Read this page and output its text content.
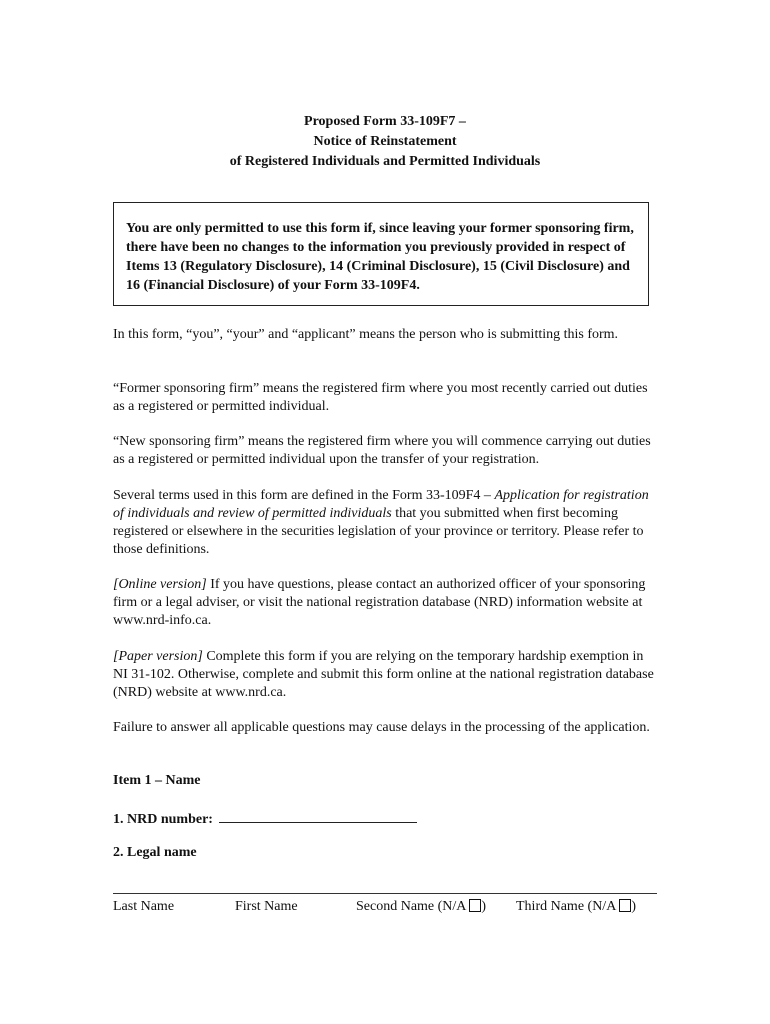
Proposed Form 33-109F7 –
Notice of Reinstatement
of Registered Individuals and Permitted Individuals
You are only permitted to use this form if, since leaving your former sponsoring firm, there have been no changes to the information you previously provided in respect of Items 13 (Regulatory Disclosure), 14 (Criminal Disclosure), 15 (Civil Disclosure) and 16 (Financial Disclosure) of your Form 33-109F4.
In this form, “you”, “your” and “applicant” means the person who is submitting this form.
“Former sponsoring firm” means the registered firm where you most recently carried out duties as a registered or permitted individual.
“New sponsoring firm” means the registered firm where you will commence carrying out duties as a registered or permitted individual upon the transfer of your registration.
Several terms used in this form are defined in the Form 33-109F4 – Application for registration of individuals and review of permitted individuals that you submitted when first becoming registered or elsewhere in the securities legislation of your province or territory. Please refer to those definitions.
[Online version] If you have questions, please contact an authorized officer of your sponsoring firm or a legal adviser, or visit the national registration database (NRD) information website at www.nrd-info.ca.
[Paper version] Complete this form if you are relying on the temporary hardship exemption in NI 31-102. Otherwise, complete and submit this form online at the national registration database (NRD) website at www.nrd.ca.
Failure to answer all applicable questions may cause delays in the processing of the application.
Item 1 – Name
1. NRD number:
2. Legal name
Last Name	First Name	Second Name (N/A ) Third Name (N/A )
